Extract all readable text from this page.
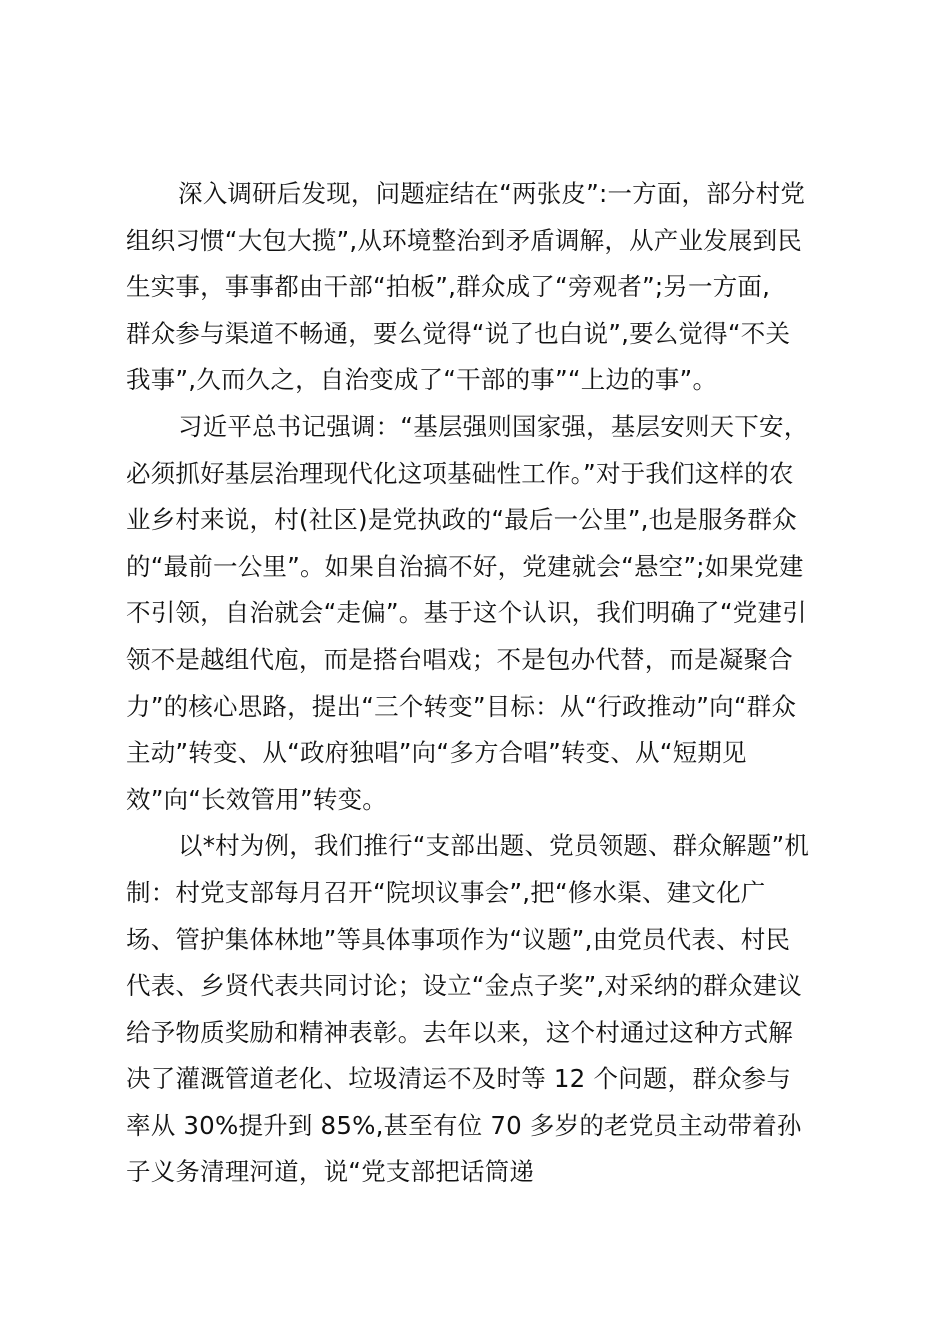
深入调研后发现，问题症结在“两张皮”:一方面，部分村党
组织习惯“大包大揽”,从环境整治到矛盾调解，从产业发展到民
生实事，事事都由干部“拍板”,群众成了“旁观者”;另一方面,
群众参与渠道不畅通，要么觉得“说了也白说”,要么觉得“不关
我事”,久而久之，自治变成了“干部的事”“上边的事”。
习近平总书记强调：“基层强则国家强，基层安则天下安，
必须抓好基层治理现代化这项基础性工作。”对于我们这样的农
业乡村来说，村(社区)是党执政的“最后一公里”,也是服务群众
的“最前一公里”。如果自治搞不好，党建就会“悬空”;如果党建
不引领，自治就会“走偏”。基于这个认识，我们明确了“党建引
领不是越组代庖，而是搭台唱戏；不是包办代替，而是凝聚合
力”的核心思路，提出“三个转变”目标：从“行政推动”向“群众
主动”转变、从“政府独唱”向“多方合唱”转变、从“短期见
效”向“长效管用”转变。
以*村为例，我们推行“支部出题、党员领题、群众解题”机
制：村党支部每月召开“院坝议事会”,把“修水渠、建文化广
场、管护集体林地”等具体事项作为“议题”,由党员代表、村民
代表、乡贤代表共同讨论；设立“金点子奖”,对采纳的群众建议
给予物质奖励和精神表彰。去年以来，这个村通过这种方式解
决了灌溉管道老化、垃圾清运不及时等 12 个问题，群众参与
率从 30%提升到 85%,甚至有位 70 多岁的老党员主动带着孙
子义务清理河道，说“党支部把话筒递
